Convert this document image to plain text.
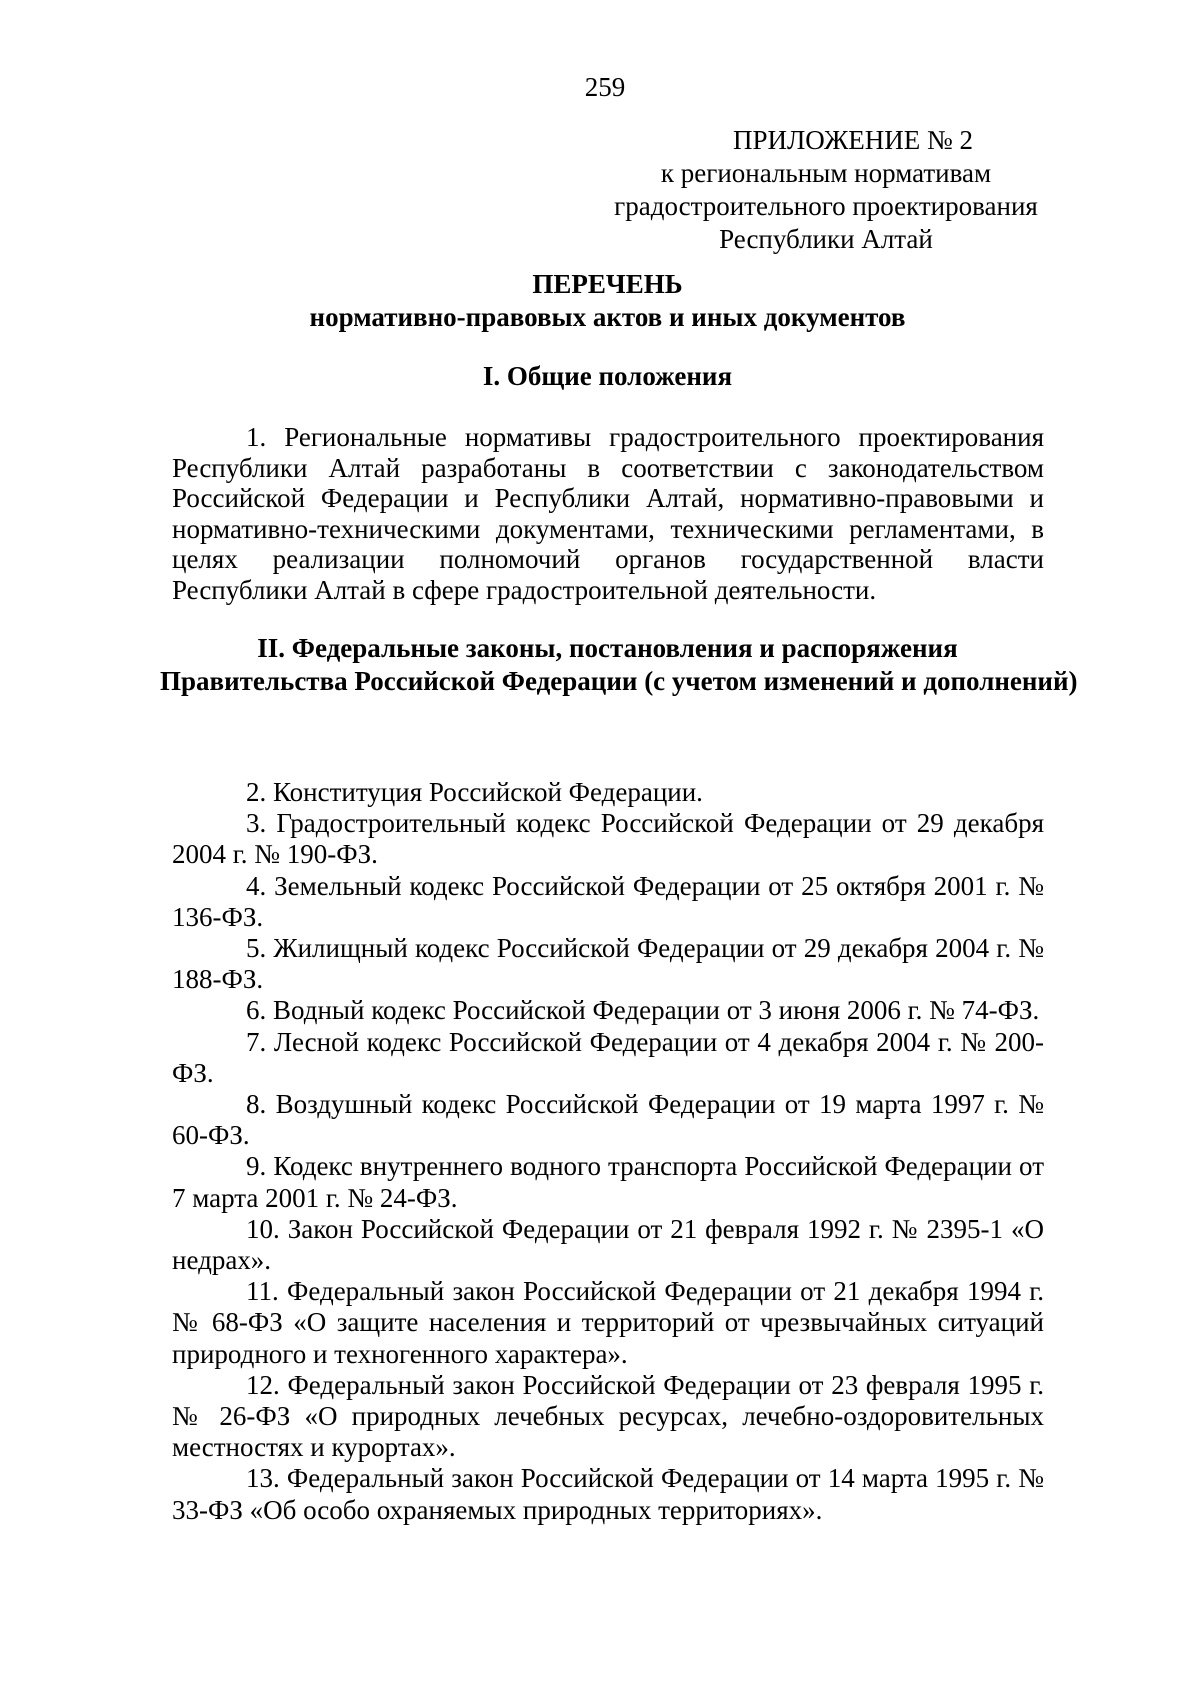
259
ПРИЛОЖЕНИЕ № 2
к региональным нормативам
градостроительного проектирования
Республики Алтай
ПЕРЕЧЕНЬ
нормативно-правовых актов и иных документов
I. Общие положения

1. Региональные нормативы градостроительного проектирования Республики Алтай разработаны в соответствии с законодательством Российской Федерации и Республики Алтай, нормативно-правовыми и нормативно-техническими документами, техническими регламентами, в целях реализации полномочий органов государственной власти Республики Алтай в сфере градостроительной деятельности.

II. Федеральные законы, постановления и распоряжения
Правительства Российской Федерации (с учетом изменений и дополнений)

2. Конституция Российской Федерации.

3. Градостроительный кодекс Российской Федерации от 29 декабря 2004 г. № 190-ФЗ.

4. Земельный кодекс Российской Федерации от 25 октября 2001 г. № 136-ФЗ.

5. Жилищный кодекс Российской Федерации от 29 декабря 2004 г. № 188-ФЗ.

6. Водный кодекс Российской Федерации от 3 июня 2006 г. № 74-ФЗ.

7. Лесной кодекс Российской Федерации от 4 декабря 2004 г. № 200-ФЗ.

8. Воздушный кодекс Российской Федерации от 19 марта 1997 г. № 60-ФЗ.

9. Кодекс внутреннего водного транспорта Российской Федерации от 7 марта 2001 г. № 24-ФЗ.

10. Закон Российской Федерации от 21 февраля 1992 г. № 2395-1 «О недрах».

11. Федеральный закон Российской Федерации от 21 декабря 1994 г. № 68-ФЗ «О защите населения и территорий от чрезвычайных ситуаций природного и техногенного характера».

12. Федеральный закон Российской Федерации от 23 февраля 1995 г. № 26-ФЗ «О природных лечебных ресурсах, лечебно-оздоровительных местностях и курортах».

13. Федеральный закон Российской Федерации от 14 марта 1995 г. № 33-ФЗ «Об особо охраняемых природных территориях».
